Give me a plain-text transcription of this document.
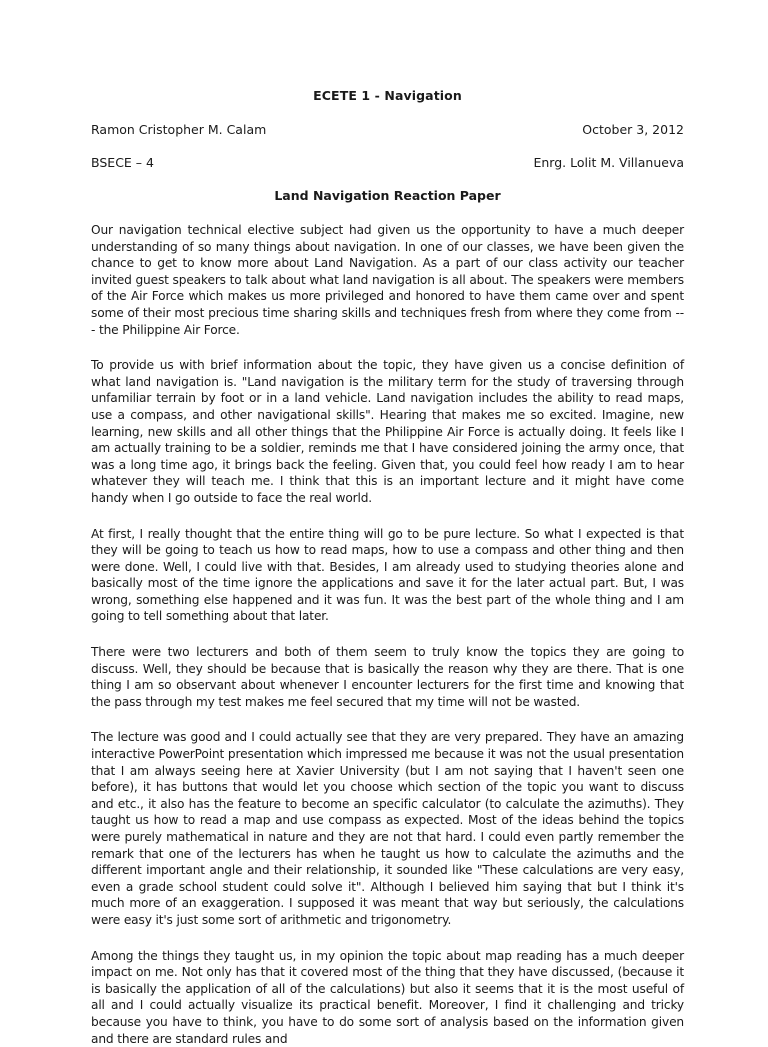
ECETE 1 - Navigation
Ramon Cristopher M. Calam	October 3, 2012
BSECE – 4	Enrg. Lolit M. Villanueva
Land Navigation Reaction Paper

Our navigation technical elective subject had given us the opportunity to have a much deeper understanding of so many things about navigation. In one of our classes, we have been given the chance to get to know more about Land Navigation. As a part of our class activity our teacher invited guest speakers to talk about what land navigation is all about. The speakers were members of the Air Force which makes us more privileged and honored to have them came over and spent some of their most precious time sharing skills and techniques fresh from where they come from --- the Philippine Air Force.

To provide us with brief information about the topic, they have given us a concise definition of what land navigation is. "Land navigation is the military term for the study of traversing through unfamiliar terrain by foot or in a land vehicle. Land navigation includes the ability to read maps, use a compass, and other navigational skills". Hearing that makes me so excited. Imagine, new learning, new skills and all other things that the Philippine Air Force is actually doing. It feels like I am actually training to be a soldier, reminds me that I have considered joining the army once, that was a long time ago, it brings back the feeling. Given that, you could feel how ready I am to hear whatever they will teach me. I think that this is an important lecture and it might have come handy when I go outside to face the real world.

At first, I really thought that the entire thing will go to be pure lecture. So what I expected is that they will be going to teach us how to read maps, how to use a compass and other thing and then were done. Well, I could live with that. Besides, I am already used to studying theories alone and basically most of the time ignore the applications and save it for the later actual part. But, I was wrong, something else happened and it was fun. It was the best part of the whole thing and I am going to tell something about that later.

There were two lecturers and both of them seem to truly know the topics they are going to discuss. Well, they should be because that is basically the reason why they are there. That is one thing I am so observant about whenever I encounter lecturers for the first time and knowing that the pass through my test makes me feel secured that my time will not be wasted.

The lecture was good and I could actually see that they are very prepared. They have an amazing interactive PowerPoint presentation which impressed me because it was not the usual presentation that I am always seeing here at Xavier University (but I am not saying that I haven't seen one before), it has buttons that would let you choose which section of the topic you want to discuss and etc., it also has the feature to become an specific calculator (to calculate the azimuths). They taught us how to read a map and use compass as expected. Most of the ideas behind the topics were purely mathematical in nature and they are not that hard. I could even partly remember the remark that one of the lecturers has when he taught us how to calculate the azimuths and the different important angle and their relationship, it sounded like "These calculations are very easy, even a grade school student could solve it". Although I believed him saying that but I think it's much more of an exaggeration. I supposed it was meant that way but seriously, the calculations were easy it's just some sort of arithmetic and trigonometry.

Among the things they taught us, in my opinion the topic about map reading has a much deeper impact on me. Not only has that it covered most of the thing that they have discussed, (because it is basically the application of all of the calculations) but also it seems that it is the most useful of all and I could actually visualize its practical benefit. Moreover, I find it challenging and tricky because you have to think, you have to do some sort of analysis based on the information given and there are standard rules and
